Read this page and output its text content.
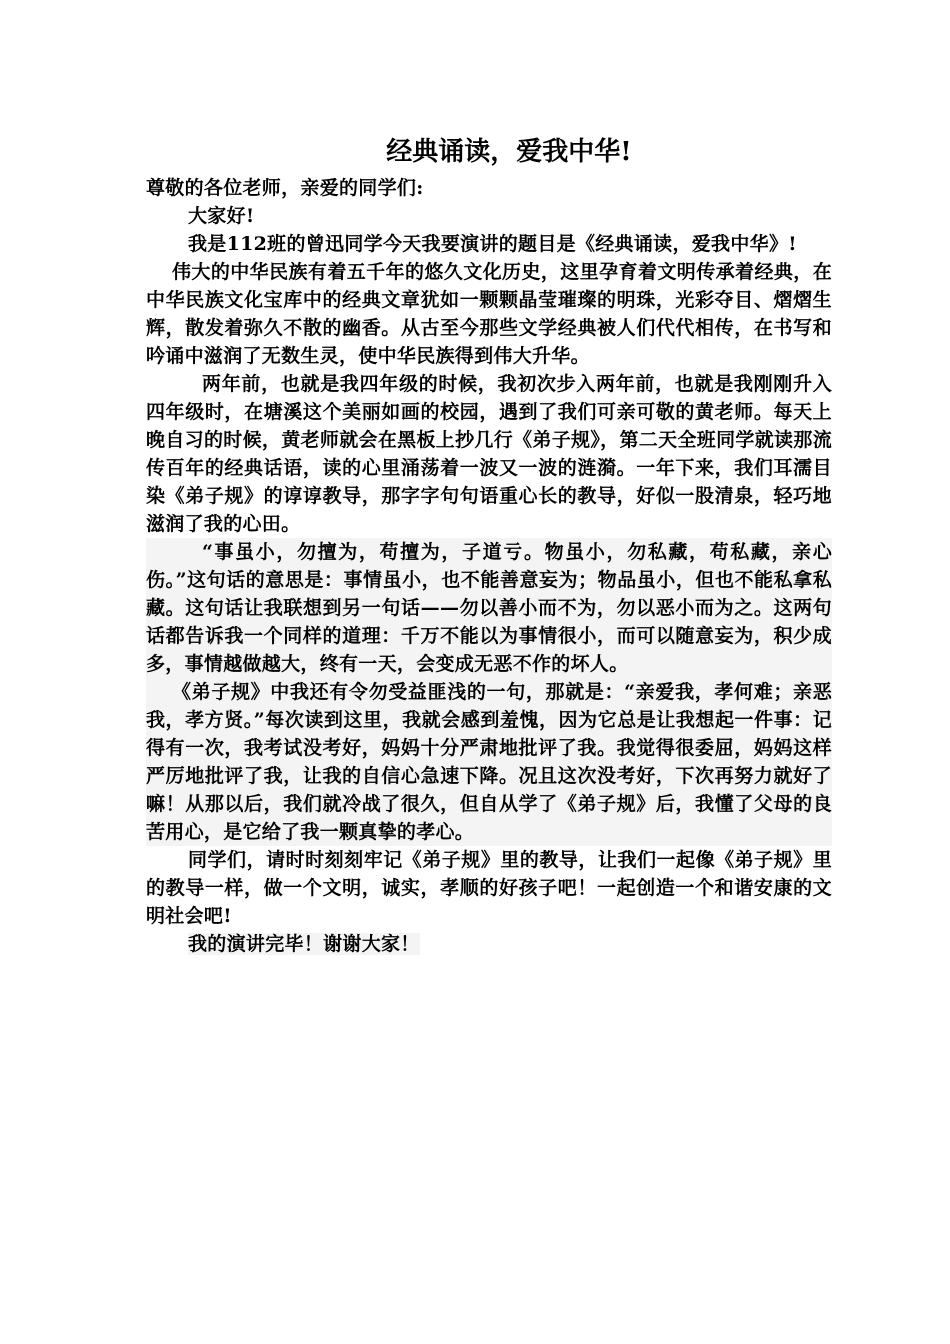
经典诵读，爱我中华!

尊敬的各位老师，亲爱的同学们:

大家好!

我是112班的曾迅同学今天我要演讲的题目是《经典诵读，爱我中华》!

伟大的中华民族有着五千年的悠久文化历史，这里孕育着文明传承着经典，在中华民族文化宝库中的经典文章犹如一颗颗晶莹璀璨的明珠，光彩夺目、熠熠生辉，散发着弥久不散的幽香。从古至今那些文学经典被人们代代相传，在书写和吟诵中滋润了无数生灵，使中华民族得到伟大升华。

两年前，也就是我四年级的时候，我初次步入两年前，也就是我刚刚升入四年级时，在塘溪这个美丽如画的校园，遇到了我们可亲可敬的黄老师。每天上晚自习的时候，黄老师就会在黑板上抄几行《弟子规》，第二天全班同学就读那流传百年的经典话语，读的心里涌荡着一波又一波的涟漪。一年下来，我们耳濡目染《弟子规》的谆谆教导，那字字句句语重心长的教导，好似一股清泉，轻巧地滋润了我的心田。

“事虽小，勿擅为，苟擅为，子道亏。物虽小，勿私藏，苟私藏，亲心伤。”这句话的意思是：事情虽小，也不能善意妄为；物品虽小，但也不能私拿私藏。这句话让我联想到另一句话——勿以善小而不为，勿以恶小而为之。这两句话都告诉我一个同样的道理：千万不能以为事情很小，而可以随意妄为，积少成多，事情越做越大，终有一天，会变成无恶不作的坏人。

《弟子规》中我还有令勿受益匪浅的一句，那就是：“亲爱我，孝何难；亲恶我，孝方贤。”每次读到这里，我就会感到羞愧，因为它总是让我想起一件事：记得有一次，我考试没考好，妈妈十分严肃地批评了我。我觉得很委屈，妈妈这样严厉地批评了我，让我的自信心急速下降。况且这次没考好，下次再努力就好了嘛！从那以后，我们就冷战了很久，但自从学了《弟子规》后，我懂了父母的良苦用心，是它给了我一颗真挚的孝心。

同学们，请时时刻刻牢记《弟子规》里的教导，让我们一起像《弟子规》里的教导一样，做一个文明，诚实，孝顺的好孩子吧！一起创造一个和谐安康的文明社会吧!

我的演讲完毕！谢谢大家！
